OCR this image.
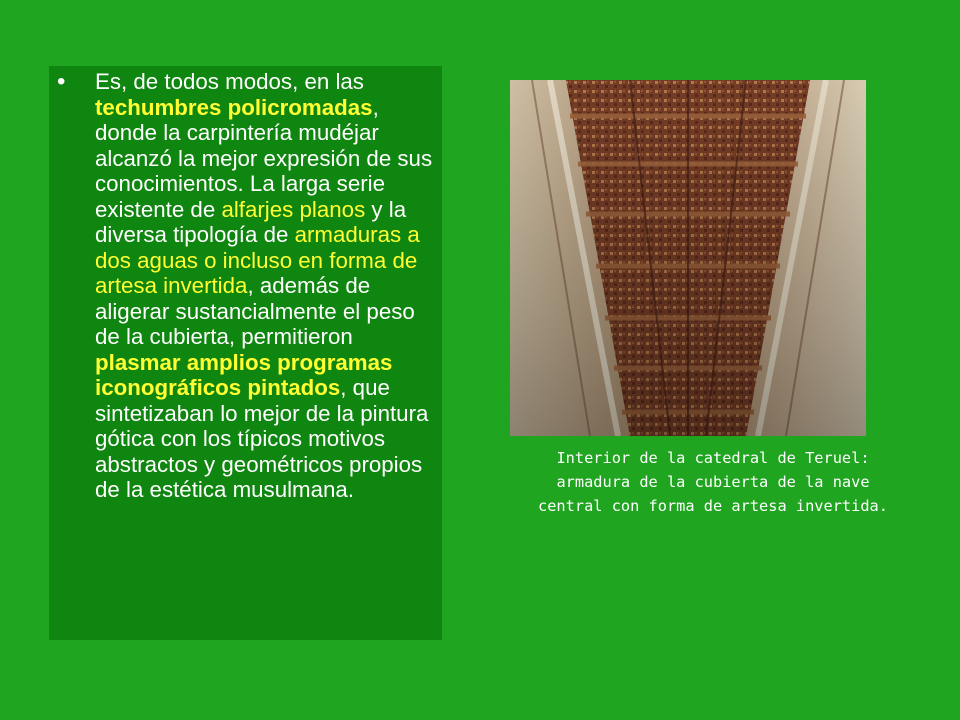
• Es, de todos modos, en las techumbres policromadas, donde la carpintería mudéjar alcanzó la mejor expresión de sus conocimientos. La larga serie existente de alfarjes planos y la diversa tipología de armaduras a dos aguas o incluso en forma de artesa invertida, además de aligerar sustancialmente el peso de la cubierta, permitieron plasmar amplios programas iconográficos pintados, que sintetizaban lo mejor de la pintura gótica con los típicos motivos abstractos y geométricos propios de la estética musulmana.

Interior de la catedral de Teruel:
armadura de la cubierta de la nave
central con forma de artesa invertida.
